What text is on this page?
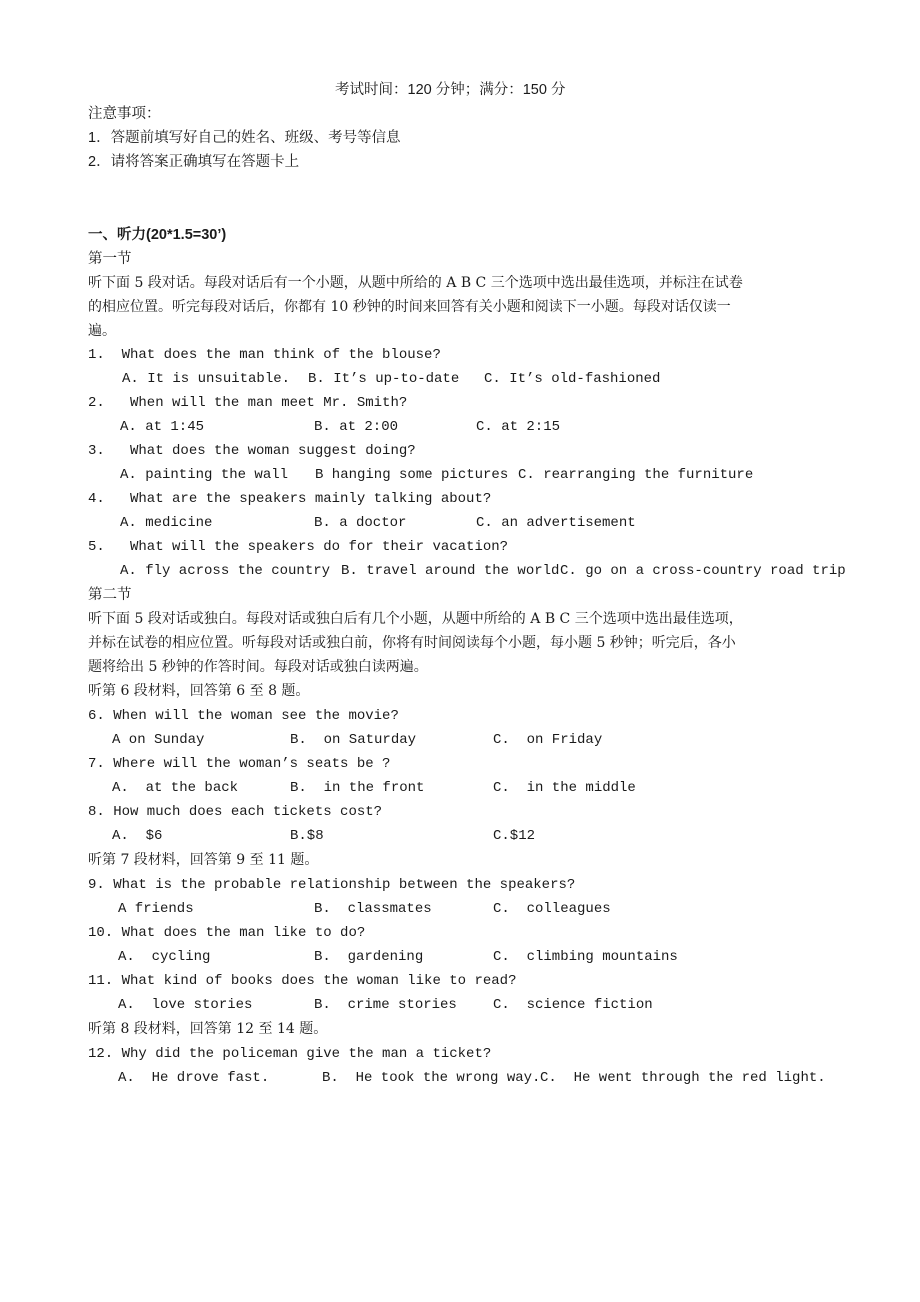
考试时间：120 分钟；满分：150 分
注意事项：
1．答题前填写好自己的姓名、班级、考号等信息
2．请将答案正确填写在答题卡上
一、听力(20*1.5=30’)
第一节
听下面 5 段对话。每段对话后有一个小题，从题中所给的 A B C 三个选项中选出最佳选项，并标注在试卷
的相应位置。听完每段对话后，你都有 10 秒钟的时间来回答有关小题和阅读下一小题。每段对话仅读一
遍。
1.  What does the man think of the blouse?
A. It is unsuitable. B. It’s up-to-date C. It’s old-fashioned
2.   When will the man meet Mr. Smith?
A. at 1:45	B. at 2:00	C. at 2:15
3.   What does the woman suggest doing?
A. painting the wall B hanging some pictures C. rearranging the furniture
4.   What are the speakers mainly talking about?
A. medicine	B. a doctor	C. an advertisement
5.   What will the speakers do for their vacation?
A. fly across the country B. travel around the world C. go on a cross-country road trip
第二节
听下面 5 段对话或独白。每段对话或独白后有几个小题，从题中所给的 A B C 三个选项中选出最佳选项，
并标在试卷的相应位置。听每段对话或独白前，你将有时间阅读每个小题，每小题 5 秒钟；听完后，各小
题将给出 5 秒钟的作答时间。每段对话或独白读两遍。
听第 6 段材料，回答第 6 至 8 题。
6. When will the woman see the movie?
A on Sunday	B.  on Saturday	C.  on Friday
7. Where will the woman’s seats be ?
A.  at the back	B.  in the front	C.  in the middle
8. How much does each tickets cost?
A.  $6	B.$8	C.$12
听第 7 段材料，回答第 9 至 11 题。
9. What is the probable relationship between the speakers?
A friends	B.  classmates	C.  colleagues
10. What does the man like to do?
A.  cycling	B.  gardening	C.  climbing mountains
11. What kind of books does the woman like to read?
A.  love stories	B.  crime stories	C.  science fiction
听第 8 段材料，回答第 12 至 14 题。
12. Why did the policeman give the man a ticket?
A.  He drove fast.	B.  He took the wrong way. C.  He went through the red light.
